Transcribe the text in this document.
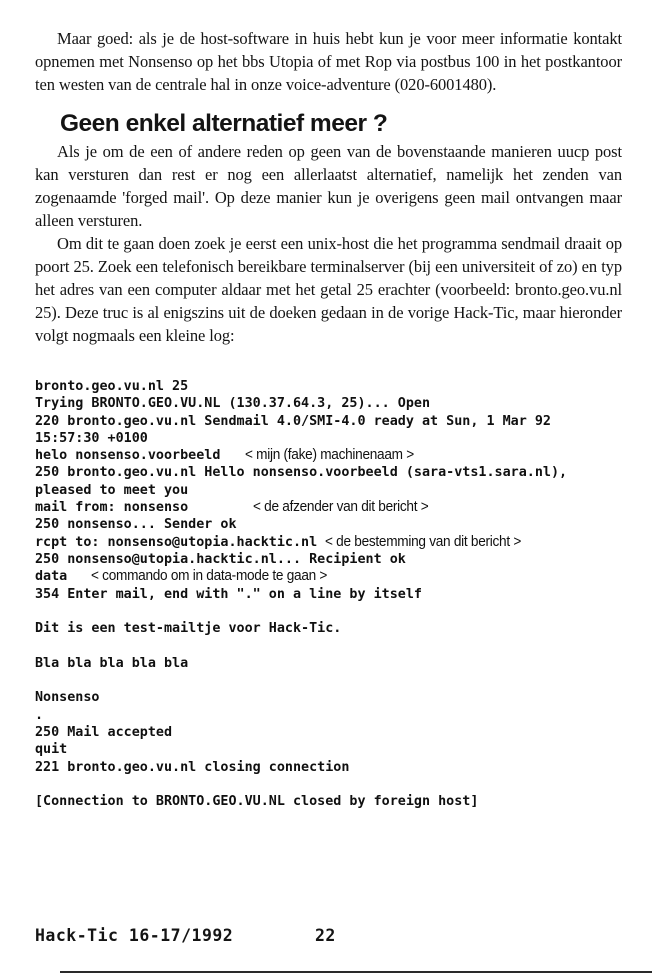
Maar goed: als je de host-software in huis hebt kun je voor meer informatie kontakt opnemen met Nonsenso op het bbs Utopia of met Rop via postbus 100 in het postkantoor ten westen van de centrale hal in onze voice-adventure (020-6001480).

Geen enkel alternatief meer ?

Als je om de een of andere reden op geen van de bovenstaande manieren uucp post kan versturen dan rest er nog een allerlaatst alternatief, namelijk het zenden van zogenaamde 'forged mail'. Op deze manier kun je overigens geen mail ontvangen maar alleen versturen.

Om dit te gaan doen zoek je eerst een unix-host die het programma sendmail draait op poort 25. Zoek een telefonisch bereikbare terminalserver (bij een universiteit of zo) en typ het adres van een computer aldaar met het getal 25 erachter (voorbeeld: bronto.geo.vu.nl 25). Deze truc is al enigszins uit de doeken gedaan in de vorige Hack-Tic, maar hieronder volgt nogmaals een kleine log:

bronto.geo.vu.nl 25
Trying BRONTO.GEO.VU.NL (130.37.64.3, 25)... Open
220 bronto.geo.vu.nl Sendmail 4.0/SMI-4.0 ready at Sun, 1 Mar 92
15:57:30 +0100
helo nonsenso.voorbeeld   < mijn (fake) machinenaam >
250 bronto.geo.vu.nl Hello nonsenso.voorbeeld (sara-vts1.sara.nl),
pleased to meet you
mail from: nonsenso        < de afzender van dit bericht >
250 nonsenso... Sender ok
rcpt to: nonsenso@utopia.hacktic.nl < de bestemming van dit bericht >
250 nonsenso@utopia.hacktic.nl... Recipient ok
data   < commando om in data-mode te gaan >
354 Enter mail, end with "." on a line by itself
Dit is een test-mailtje voor Hack-Tic.
Bla bla bla bla bla
Nonsenso
.
250 Mail accepted
quit
221 bronto.geo.vu.nl closing connection
[Connection to BRONTO.GEO.VU.NL closed by foreign host]
Hack-Tic 16-17/1992	22
